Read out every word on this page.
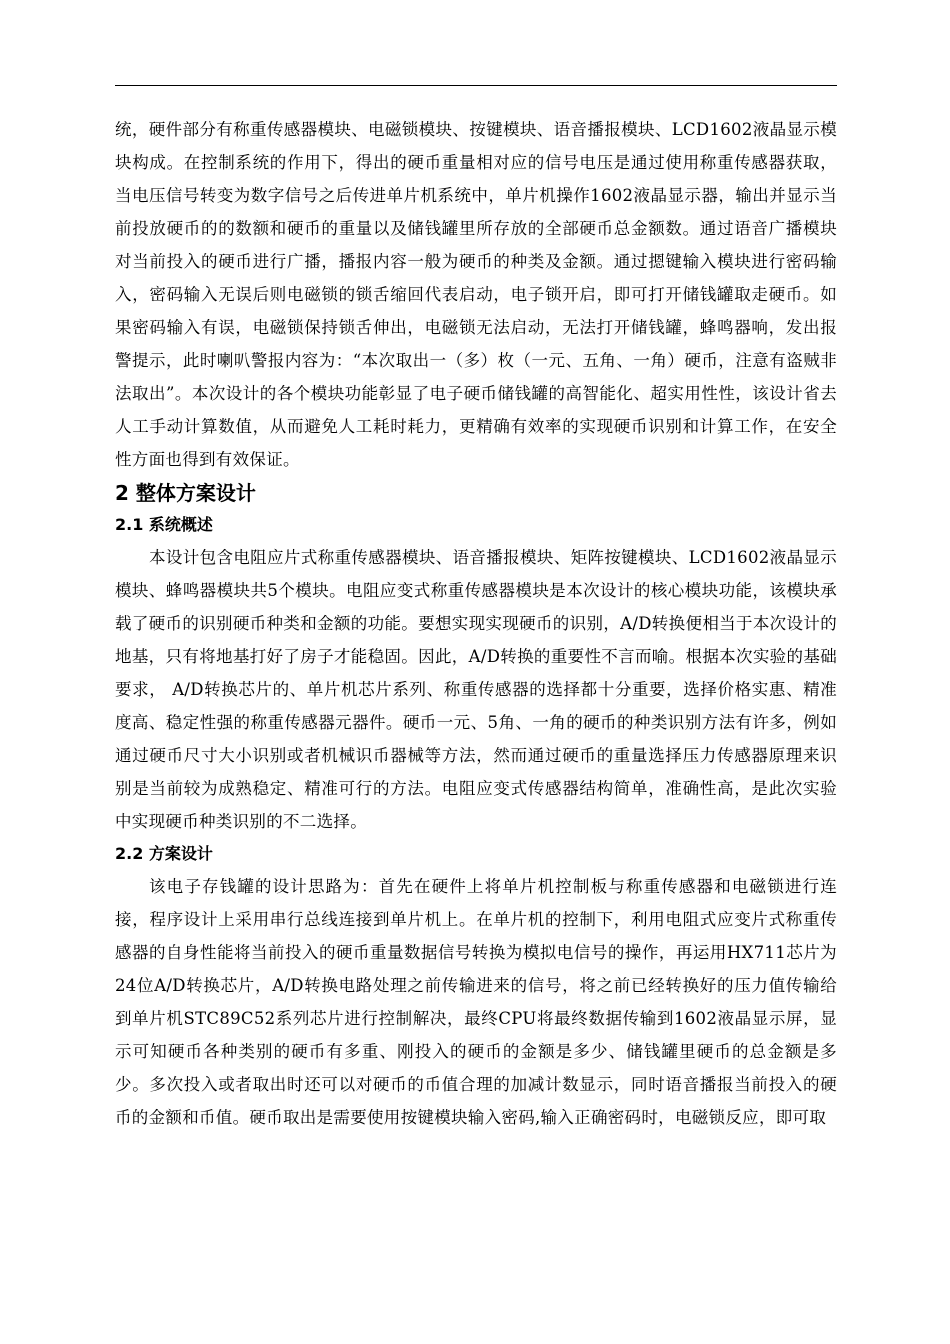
统，硬件部分有称重传感器模块、电磁锁模块、按键模块、语音播报模块、LCD1602液晶显示模块构成。在控制系统的作用下，得出的硬币重量相对应的信号电压是通过使用称重传感器获取，当电压信号转变为数字信号之后传进单片机系统中，单片机操作1602液晶显示器，输出并显示当前投放硬币的的数额和硬币的重量以及储钱罐里所存放的全部硬币总金额数。通过语音广播模块对当前投入的硬币进行广播，播报内容一般为硬币的种类及金额。通过摁键输入模块进行密码输入，密码输入无误后则电磁锁的锁舌缩回代表启动，电子锁开启，即可打开储钱罐取走硬币。如果密码输入有误，电磁锁保持锁舌伸出，电磁锁无法启动，无法打开储钱罐，蜂鸣器响，发出报警提示，此时喇叭警报内容为：“本次取出一（多）枚（一元、五角、一角）硬币，注意有盗贼非法取出”。本次设计的各个模块功能彰显了电子硬币储钱罐的高智能化、超实用性性，该设计省去人工手动计算数值，从而避免人工耗时耗力，更精确有效率的实现硬币识别和计算工作，在安全性方面也得到有效保证。

2 整体方案设计
2.1 系统概述

本设计包含电阻应片式称重传感器模块、语音播报模块、矩阵按键模块、LCD1602液晶显示模块、蜂鸣器模块共5个模块。电阻应变式称重传感器模块是本次设计的核心模块功能，该模块承载了硬币的识别硬币种类和金额的功能。要想实现实现硬币的识别，A/D转换便相当于本次设计的地基，只有将地基打好了房子才能稳固。因此，A/D转换的重要性不言而喻。根据本次实验的基础要求， A/D转换芯片的、单片机芯片系列、称重传感器的选择都十分重要，选择价格实惠、精准度高、稳定性强的称重传感器元器件。硬币一元、5角、一角的硬币的种类识别方法有许多，例如通过硬币尺寸大小识别或者机械识币器械等方法，然而通过硬币的重量选择压力传感器原理来识别是当前较为成熟稳定、精准可行的方法。电阻应变式传感器结构简单，准确性高，是此次实验中实现硬币种类识别的不二选择。

2.2 方案设计

该电子存钱罐的设计思路为：首先在硬件上将单片机控制板与称重传感器和电磁锁进行连接，程序设计上采用串行总线连接到单片机上。在单片机的控制下，利用电阻式应变片式称重传感器的自身性能将当前投入的硬币重量数据信号转换为模拟电信号的操作，再运用HX711芯片为24位A/D转换芯片，A/D转换电路处理之前传输进来的信号，将之前已经转换好的压力值传输给到单片机STC89C52系列芯片进行控制解决，最终CPU将最终数据传输到1602液晶显示屏，显示可知硬币各种类别的硬币有多重、刚投入的硬币的金额是多少、储钱罐里硬币的总金额是多少。多次投入或者取出时还可以对硬币的币值合理的加减计数显示，同时语音播报当前投入的硬币的金额和币值。硬币取出是需要使用按键模块输入密码,输入正确密码时，电磁锁反应，即可取
